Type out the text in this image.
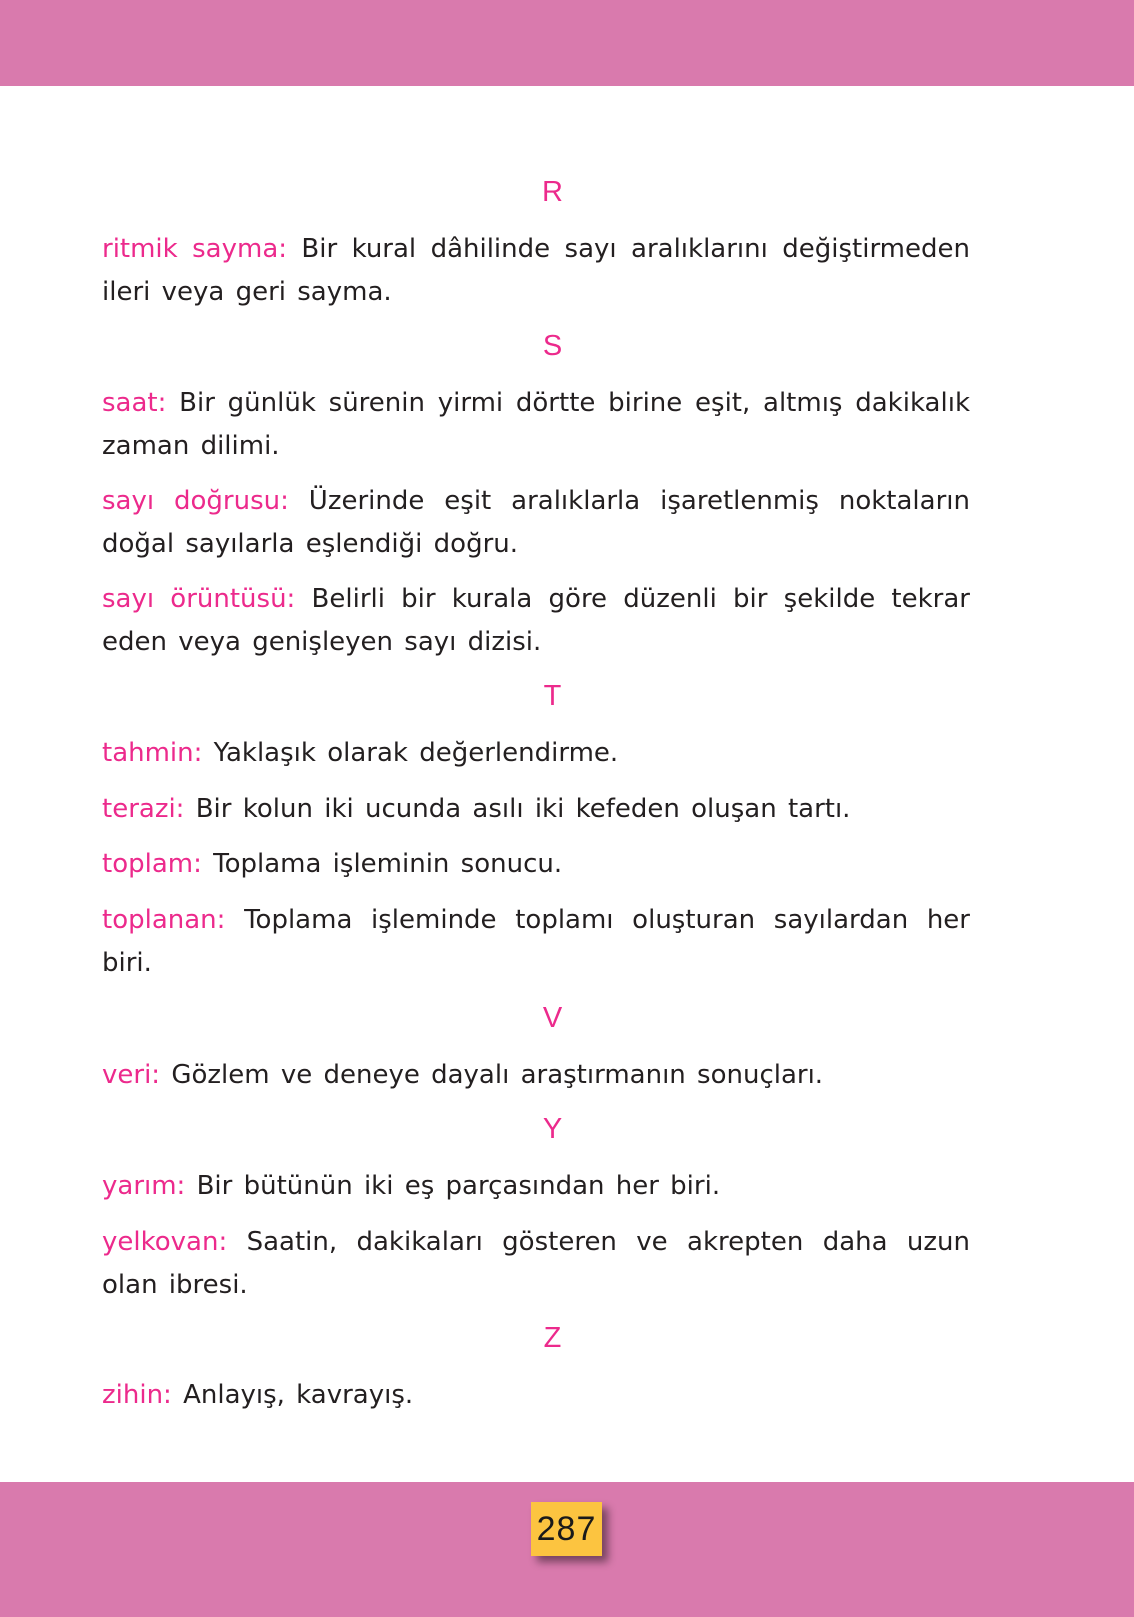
R

ritmik sayma: Bir kural dâhilinde sayı aralıklarını değiştirmeden ileri veya geri sayma.

S

saat: Bir günlük sürenin yirmi dörtte birine eşit, altmış dakikalık zaman dilimi.

sayı doğrusu: Üzerinde eşit aralıklarla işaretlenmiş noktaların doğal sayılarla eşlendiği doğru.

sayı örüntüsü: Belirli bir kurala göre düzenli bir şekilde tekrar eden veya genişleyen sayı dizisi.

T

tahmin: Yaklaşık olarak değerlendirme.

terazi: Bir kolun iki ucunda asılı iki kefeden oluşan tartı.

toplam: Toplama işleminin sonucu.

toplanan: Toplama işleminde toplamı oluşturan sayılardan her biri.

V

veri: Gözlem ve deneye dayalı araştırmanın sonuçları.

Y

yarım: Bir bütünün iki eş parçasından her biri.

yelkovan: Saatin, dakikaları gösteren ve akrepten daha uzun olan ibresi.

Z

zihin: Anlayış, kavrayış.

287
